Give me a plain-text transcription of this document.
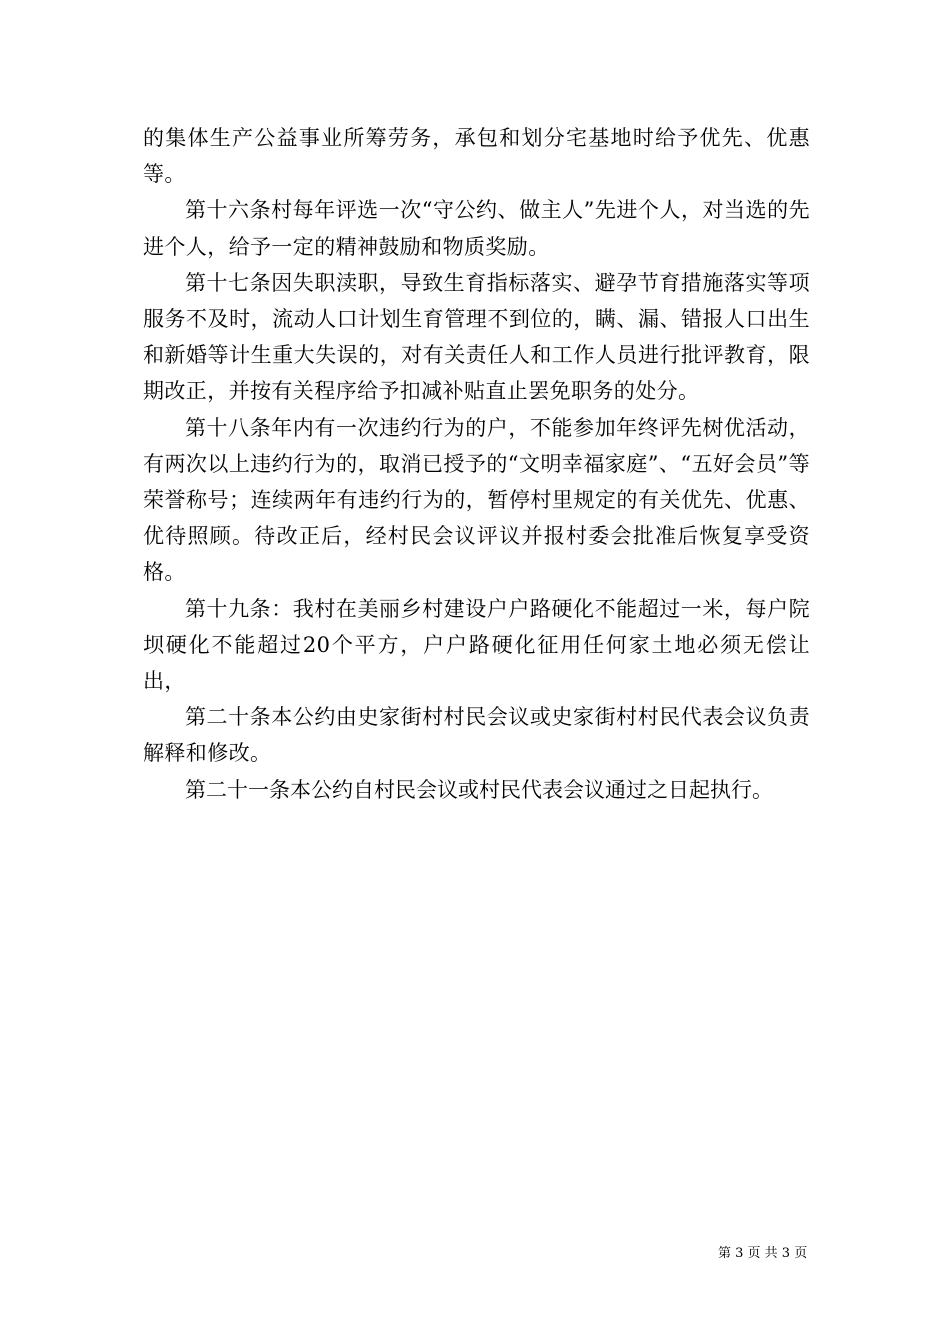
的集体生产公益事业所筹劳务，承包和划分宅基地时给予优先、优惠等。

第十六条村每年评选一次“守公约、做主人”先进个人，对当选的先进个人，给予一定的精神鼓励和物质奖励。

第十七条因失职渎职，导致生育指标落实、避孕节育措施落实等项服务不及时，流动人口计划生育管理不到位的，瞒、漏、错报人口出生和新婚等计生重大失误的，对有关责任人和工作人员进行批评教育，限期改正，并按有关程序给予扣减补贴直止罢免职务的处分。

第十八条年内有一次违约行为的户，不能参加年终评先树优活动，有两次以上违约行为的，取消已授予的“文明幸福家庭”、“五好会员”等荣誉称号；连续两年有违约行为的，暂停村里规定的有关优先、优惠、优待照顾。待改正后，经村民会议评议并报村委会批准后恢复享受资格。

第十九条：我村在美丽乡村建设户户路硬化不能超过一米，每户院坝硬化不能超过20个平方，户户路硬化征用任何家土地必须无偿让出，

第二十条本公约由史家街村村民会议或史家街村村民代表会议负责解释和修改。

第二十一条本公约自村民会议或村民代表会议通过之日起执行。

第 3 页 共 3 页
